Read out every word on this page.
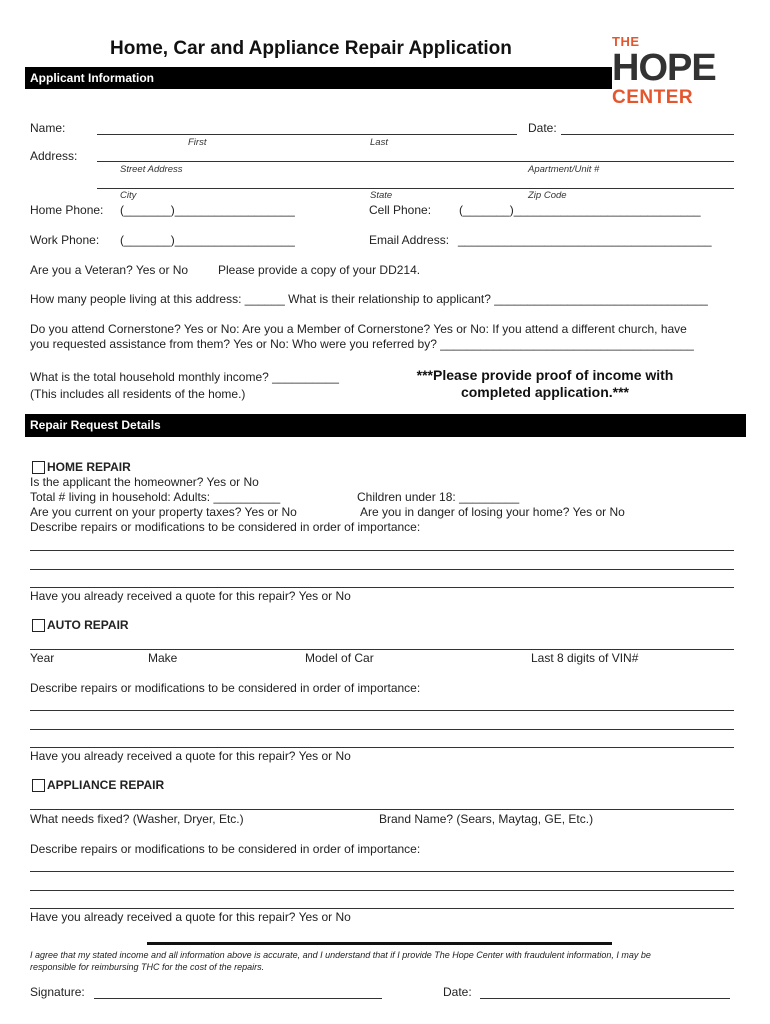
Home, Car and Appliance Repair Application	THE
HOPE
CENTER
Applicant Information
Name:	Date:
First	Last
Address:
Street Address	Apartment/Unit #
City	State	Zip Code
Home Phone: (_______)__________________	Cell Phone: (_______)____________________________
Work Phone: (_______)__________________	Email Address: ______________________________________
Are you a Veteran? Yes or No Please provide a copy of your DD214.
How many people living at this address: ______ What is their relationship to applicant? ________________________________
Do you attend Cornerstone? Yes or No: Are you a Member of Cornerstone? Yes or No: If you attend a different church, have
you requested assistance from them? Yes or No: Who were you referred by? ______________________________________
What is the total household monthly income? __________
(This includes all residents of the home.)
***Please provide proof of income with
completed application.***
Repair Request Details
HOME REPAIR
Is the applicant the homeowner? Yes or No
Total # living in household: Adults: __________	Children under 18: _________
Are you current on your property taxes? Yes or No	Are you in danger of losing your home? Yes or No
Describe repairs or modifications to be considered in order of importance:
Have you already received a quote for this repair? Yes or No
AUTO REPAIR
Year	Make	Model of Car	Last 8 digits of VIN#
Describe repairs or modifications to be considered in order of importance:
Have you already received a quote for this repair? Yes or No
APPLIANCE REPAIR
What needs fixed? (Washer, Dryer, Etc.)	Brand Name? (Sears, Maytag, GE, Etc.)
Describe repairs or modifications to be considered in order of importance:
Have you already received a quote for this repair? Yes or No
I agree that my stated income and all information above is accurate, and I understand that if I provide The Hope Center with fraudulent information, I may be
responsible for reimbursing THC for the cost of the repairs.
Signature:	Date:
